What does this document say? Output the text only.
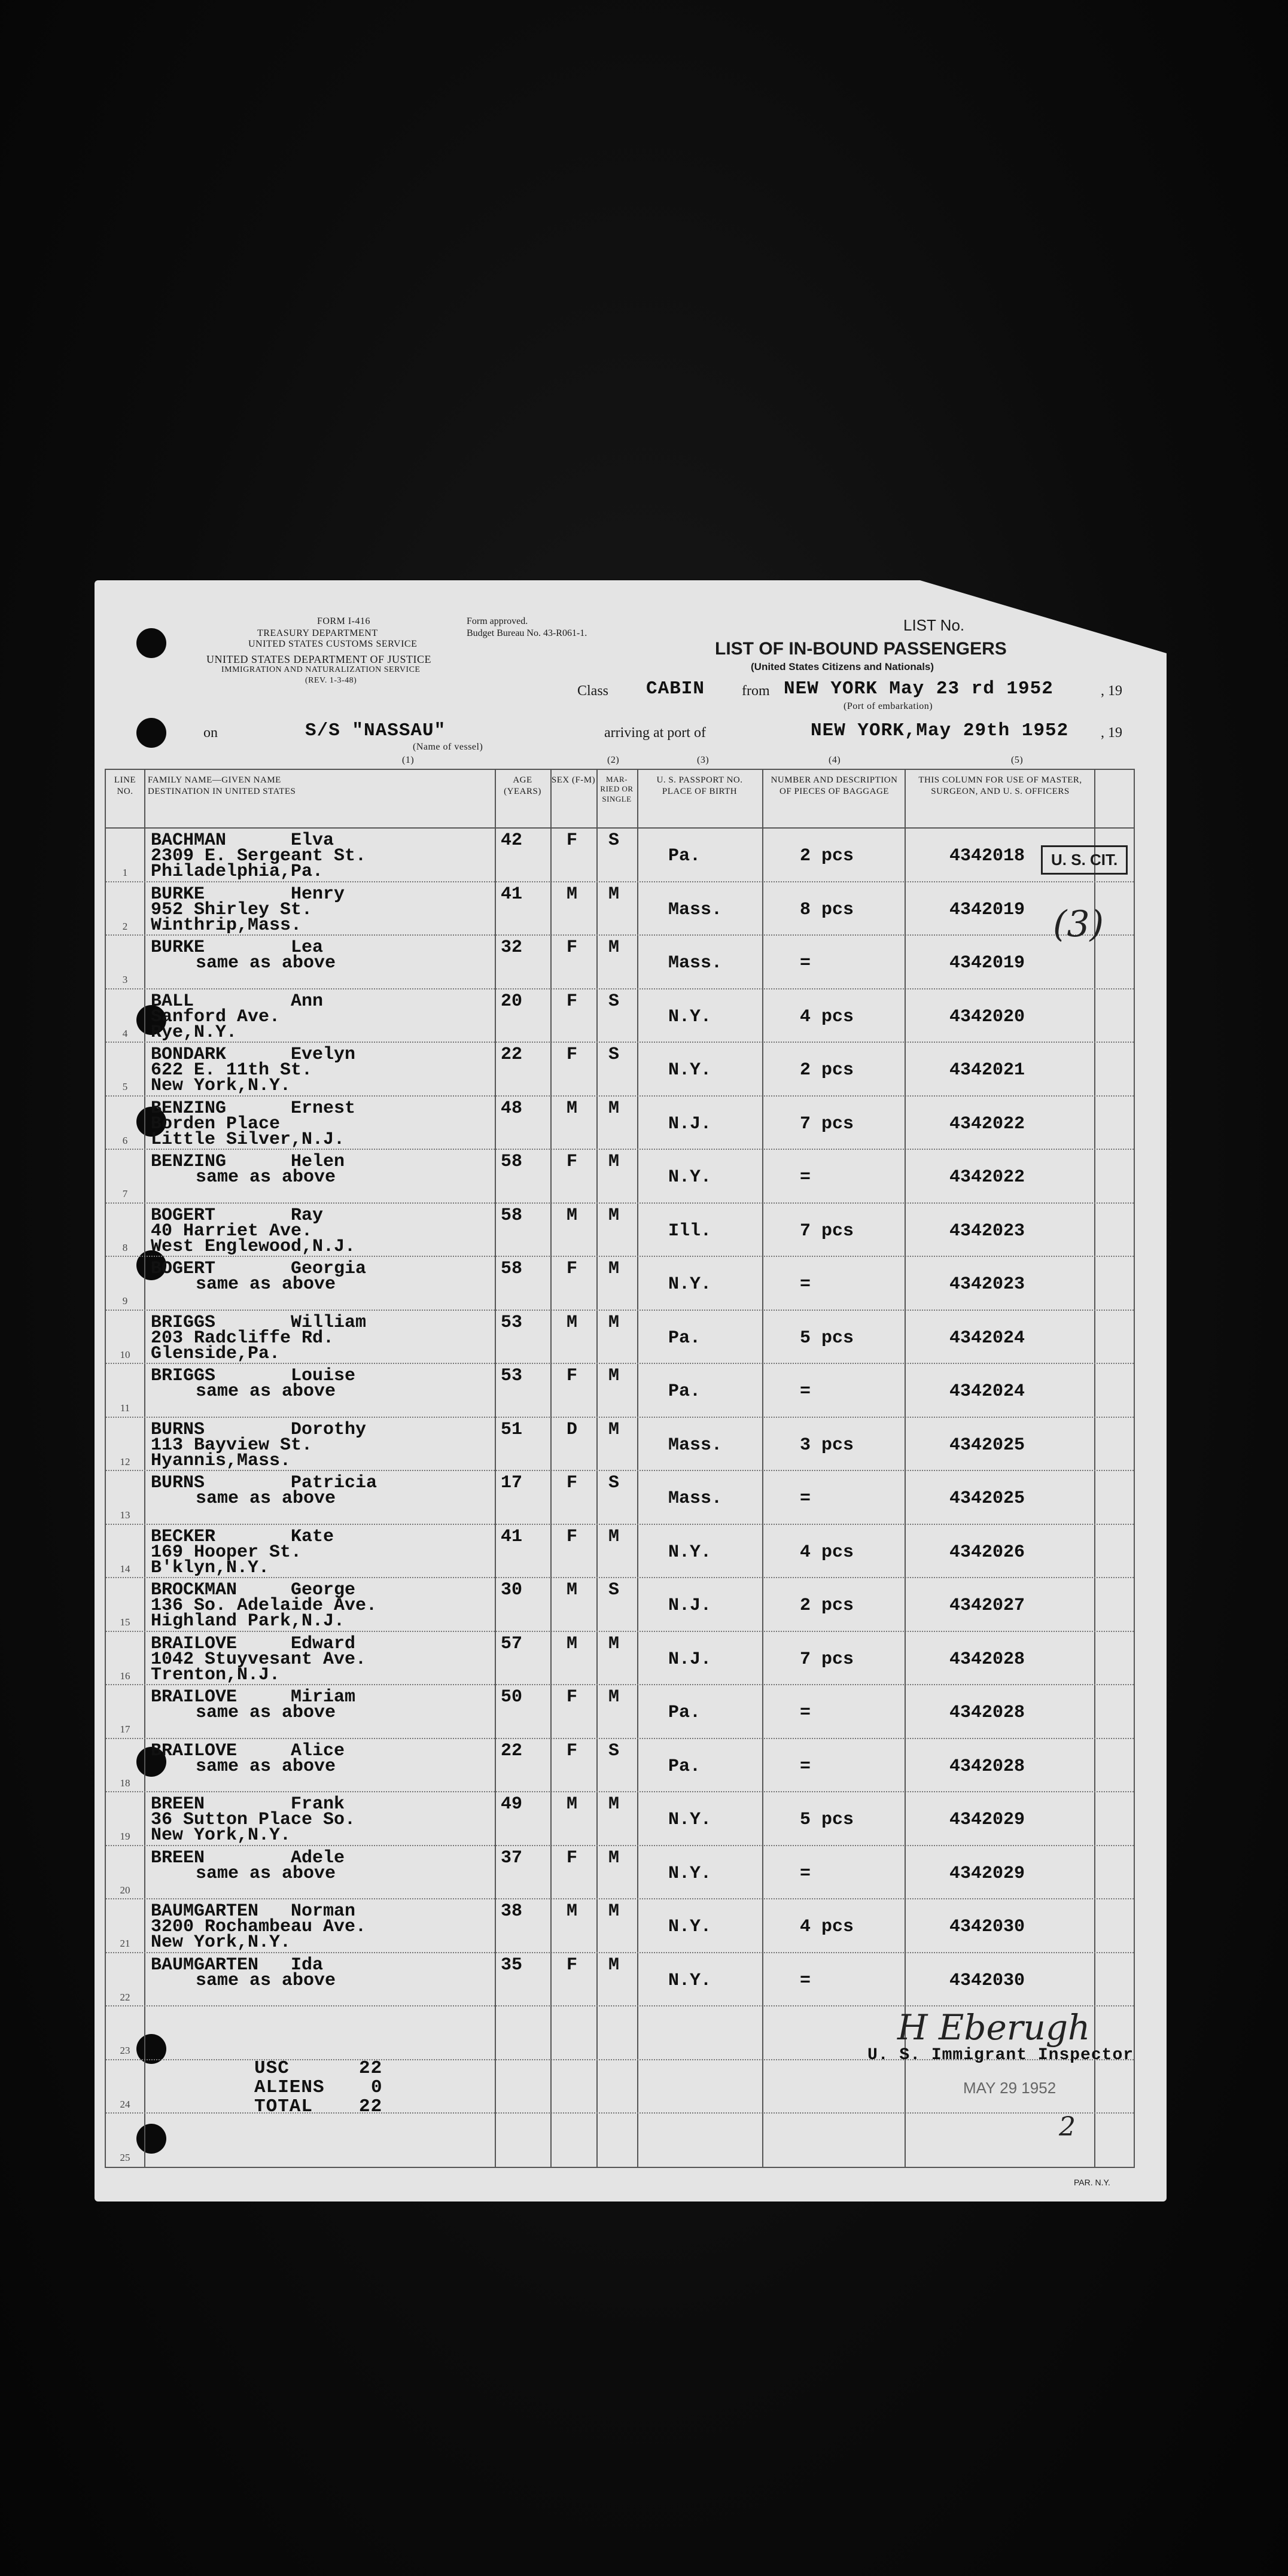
FORM I-416
TREASURY DEPARTMENT
UNITED STATES CUSTOMS SERVICE
UNITED STATES DEPARTMENT OF JUSTICE
IMMIGRATION AND NATURALIZATION SERVICE
(REV. 1-3-48)
Form approved.
Budget Bureau No. 43-R061-1.	LIST No.
LIST OF IN-BOUND PASSENGERS
(United States Citizens and Nationals)
Class CABIN	from NEW YORK May 23 rd 1952	, 19
(Port of embarkation)
on	S/S "NASSAU"	arriving at port of	NEW YORK,May 29th 1952 , 19
(Name of vessel)
(1)	(2)	(3)	(4)	(5)
LINE NO.
FAMILY NAME—GIVEN NAME DESTINATION IN UNITED STATES
AGE (YEARS)
SEX (F-M)	MAR- RIED OR SINGLE
U. S. PASSPORT NO. PLACE OF BIRTH
NUMBER AND DESCRIPTION OF PIECES OF BAGGAGE
THIS COLUMN FOR USE OF MASTER, SURGEON, AND U. S. OFFICERS
1
BACHMAN      Elva
2309 E. Sergeant St.
Philadelphia,Pa.
42 F S
Pa.	2 pcs	4342018
2
BURKE        Henry
952 Shirley St.
Winthrip,Mass.
41 M M
Mass.	8 pcs	4342019
3
BURKE        Lea
same as above
32 F M
Mass.	=	4342019
4
BALL         Ann
Sanford Ave.
Rye,N.Y.
20 F S
N.Y.	4 pcs	4342020
5
BONDARK      Evelyn
622 E. 11th St.
New York,N.Y.
22 F S
N.Y.	2 pcs	4342021
6
BENZING      Ernest
Borden Place
Little Silver,N.J.
48 M M
N.J.	7 pcs	4342022
7
BENZING      Helen
same as above
58 F M
N.Y.	=	4342022
8
BOGERT       Ray
40 Harriet Ave.
West Englewood,N.J.
58 M M
Ill.	7 pcs	4342023
9
BOGERT       Georgia
same as above
58 F M
N.Y.	=	4342023
10
BRIGGS       William
203 Radcliffe Rd.
Glenside,Pa.
53 M M
Pa.	5 pcs	4342024
11
BRIGGS       Louise
same as above
53 F M
Pa.	=	4342024
12
BURNS        Dorothy
113 Bayview St.
Hyannis,Mass.
51 D M
Mass.	3 pcs	4342025
13
BURNS        Patricia
same as above
17 F S
Mass.	=	4342025
14
BECKER       Kate
169 Hooper St.
B'klyn,N.Y.
41 F M
N.Y.	4 pcs	4342026
15
BROCKMAN     George
136 So. Adelaide Ave.
Highland Park,N.J.
30 M S
N.J.	2 pcs	4342027
16
BRAILOVE     Edward
1042 Stuyvesant Ave.
Trenton,N.J.
57 M M
N.J.	7 pcs	4342028
17
BRAILOVE     Miriam
same as above
50 F M
Pa.	=	4342028
18
BRAILOVE     Alice
same as above
22 F S
Pa.	=	4342028
19
BREEN        Frank
36 Sutton Place So.
New York,N.Y.
49 M M
N.Y.	5 pcs	4342029
20
BREEN        Adele
same as above
37 F M
N.Y.	=	4342029
21
BAUMGARTEN   Norman
3200 Rochambeau Ave.
New York,N.Y.
38 M M
N.Y.	4 pcs	4342030
22
BAUMGARTEN   Ida
same as above
35 F M
N.Y.	=	4342030
23
24
25
U. S. CIT.
(3)
USC	22
ALIENS 0
TOTAL 22
H Eberugh
U. S. Immigrant Inspector
MAY 29 1952
2
PAR. N.Y.
